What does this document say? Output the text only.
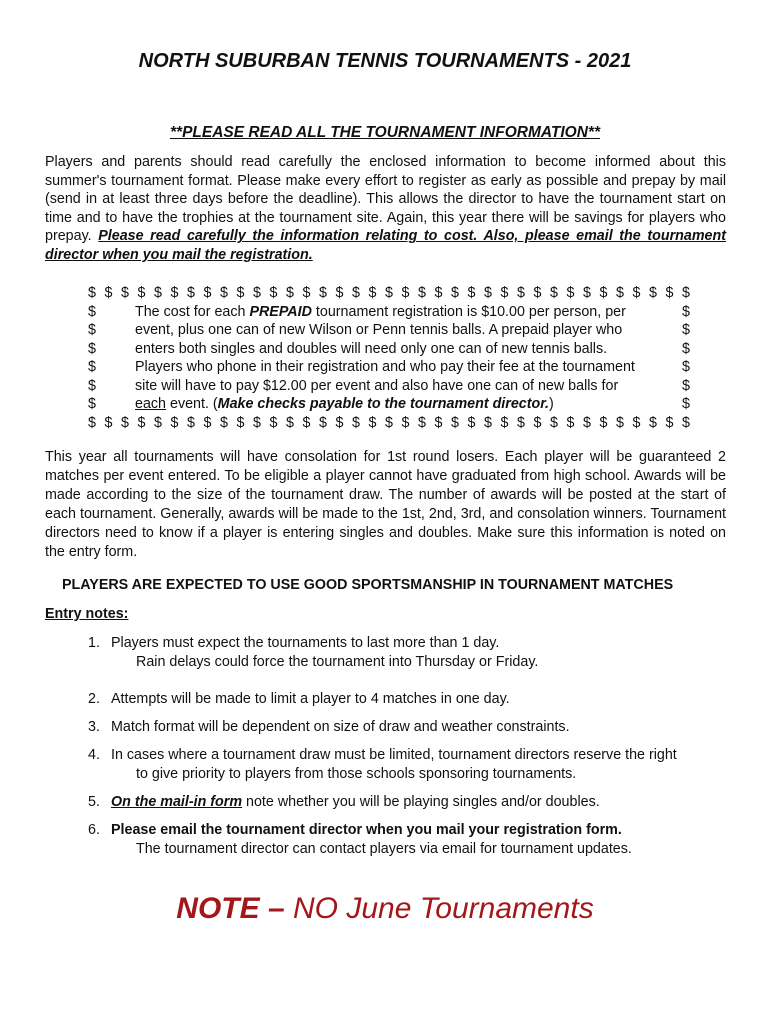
NORTH SUBURBAN TENNIS TOURNAMENTS - 2021

**PLEASE READ ALL THE TOURNAMENT INFORMATION**

Players and parents should read carefully the enclosed information to become informed about this summer's tournament format. Please make every effort to register as early as possible and prepay by mail (send in at least three days before the deadline). This allows the director to have the tournament start on time and to have the trophies at the tournament site. Again, this year there will be savings for players who prepay. Please read carefully the information relating to cost. Also, please email the tournament director when you mail the registration.

$ $ $ $ $ $ $ $ $ $ $ $ $ $ $ $ $ $ $ $ $ $ $ $ $ $ $ $ $ $ $ $ $ $ $ $ $
$	The cost for each PREPAID tournament registration is $10.00 per person, per	$
$	event, plus one can of new Wilson or Penn tennis balls. A prepaid player who	$
$	enters both singles and doubles will need only one can of new tennis balls.	$
$	Players who phone in their registration and who pay their fee at the tournament	$
$	site will have to pay $12.00 per event and also have one can of new balls for	$
$	each event. (Make checks payable to the tournament director.)	$
$ $ $ $ $ $ $ $ $ $ $ $ $ $ $ $ $ $ $ $ $ $ $ $ $ $ $ $ $ $ $ $ $ $ $ $ $

This year all tournaments will have consolation for 1st round losers. Each player will be guaranteed 2 matches per event entered. To be eligible a player cannot have graduated from high school. Awards will be made according to the size of the tournament draw. The number of awards will be posted at the start of each tournament. Generally, awards will be made to the 1st, 2nd, 3rd, and consolation winners. Tournament directors need to know if a player is entering singles and doubles. Make sure this information is noted on the entry form.

PLAYERS ARE EXPECTED TO USE GOOD SPORTSMANSHIP IN TOURNAMENT MATCHES

Entry notes:

1. Players must expect the tournaments to last more than 1 day.
Rain delays could force the tournament into Thursday or Friday.
2. Attempts will be made to limit a player to 4 matches in one day.
3. Match format will be dependent on size of draw and weather constraints.
4. In cases where a tournament draw must be limited, tournament directors reserve the right
to give priority to players from those schools sponsoring tournaments.
5. On the mail-in form note whether you will be playing singles and/or doubles.
6. Please email the tournament director when you mail your registration form.
The tournament director can contact players via email for tournament updates.

NOTE – NO June Tournaments
